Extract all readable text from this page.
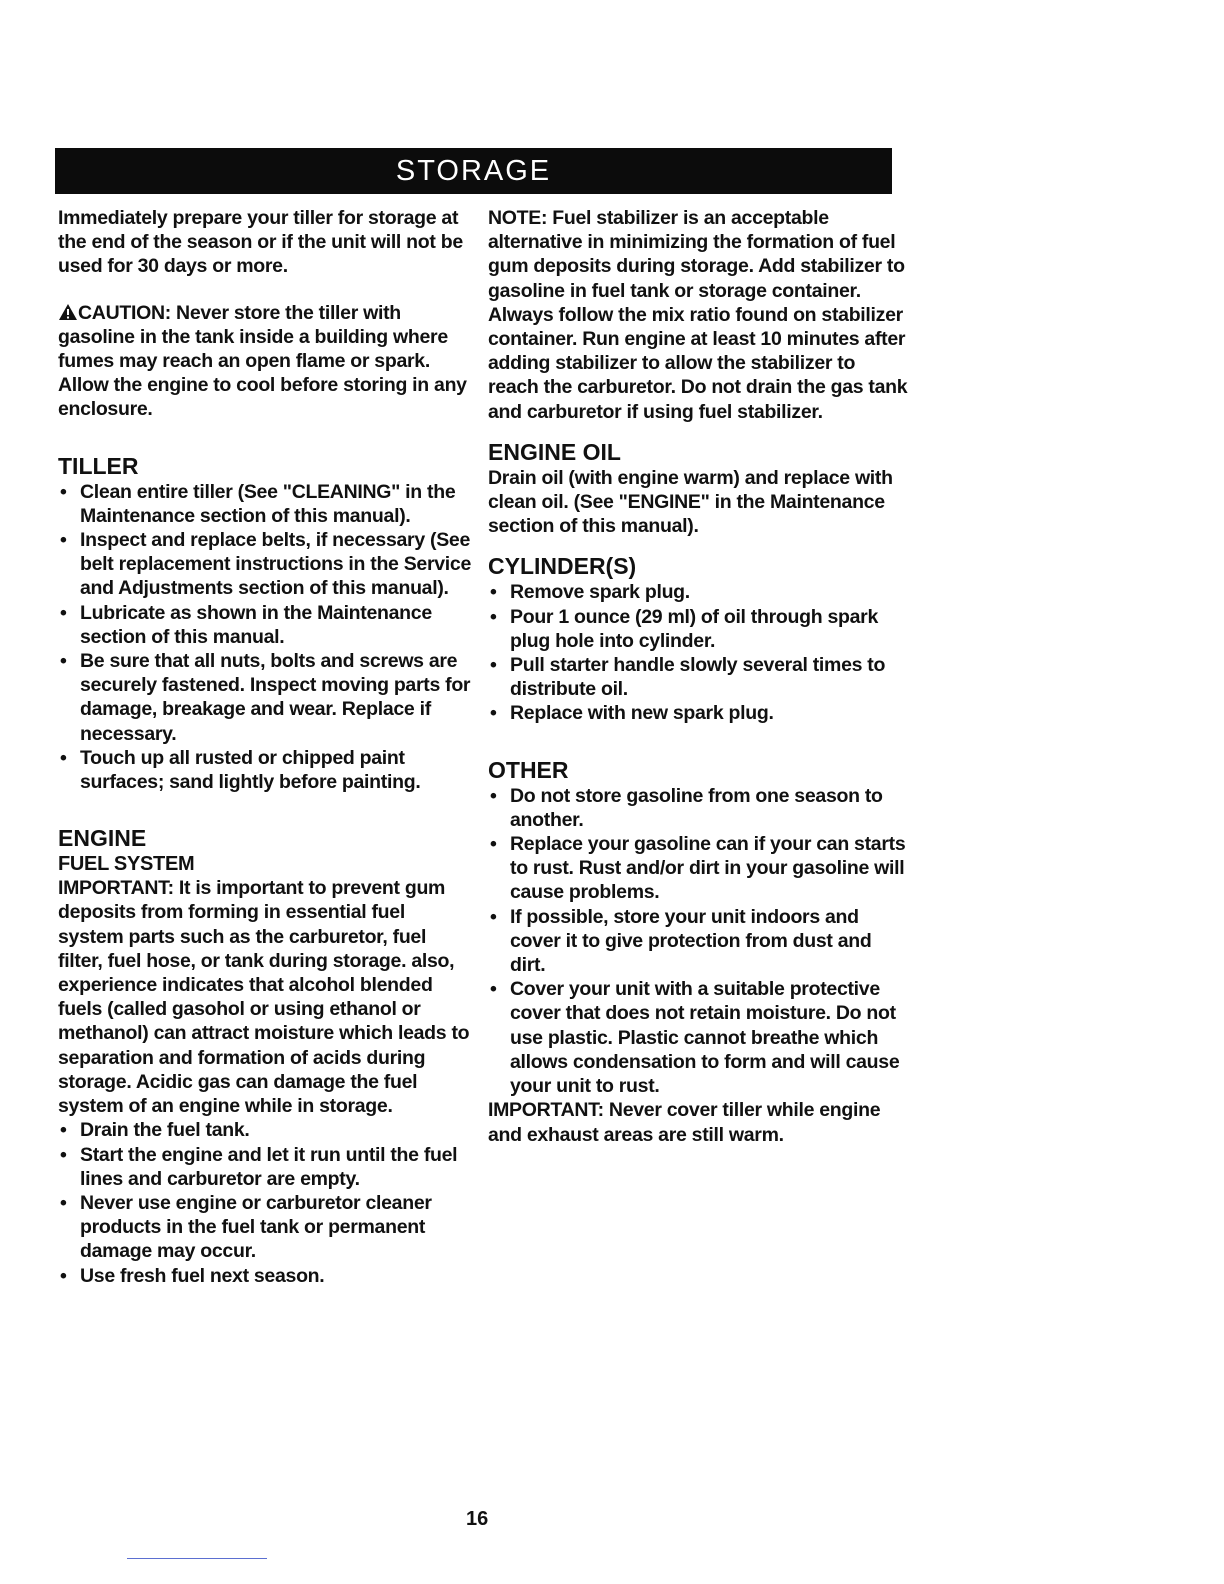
STORAGE

Immediately prepare your tiller for storage at the end of the season or if the unit will not be used for 30 days or more.

CAUTION: Never store the tiller with gasoline in the tank inside a building where fumes may reach an open flame or spark. Allow the engine to cool before storing in any enclosure.

TILLER
• Clean entire tiller (See "CLEANING" in the Maintenance section of this manual).
• Inspect and replace belts, if necessary (See belt replacement instructions in the Service and Adjustments section of this manual).
• Lubricate as shown in the Maintenance section of this manual.
• Be sure that all nuts, bolts and screws are securely fastened. Inspect moving parts for damage, breakage and wear. Replace if necessary.
• Touch up all rusted or chipped paint surfaces; sand lightly before painting.
ENGINE
FUEL SYSTEM

IMPORTANT: It is important to prevent gum deposits from forming in essential fuel system parts such as the carburetor, fuel filter, fuel hose, or tank during storage. also, experience indicates that alcohol blended fuels (called gasohol or using ethanol or methanol) can attract moisture which leads to separation and formation of acids during storage. Acidic gas can damage the fuel system of an engine while in storage.

• Drain the fuel tank.
• Start the engine and let it run until the fuel lines and carburetor are empty.
• Never use engine or carburetor cleaner products in the fuel tank or permanent damage may occur.
• Use fresh fuel next season.

NOTE: Fuel stabilizer is an acceptable alternative in minimizing the formation of fuel gum deposits during storage. Add stabilizer to gasoline in fuel tank or storage container. Always follow the mix ratio found on stabilizer container. Run engine at least 10 minutes after adding stabilizer to allow the stabilizer to reach the carburetor. Do not drain the gas tank and carburetor if using fuel stabilizer.

ENGINE OIL

Drain oil (with engine warm) and replace with clean oil. (See "ENGINE" in the Maintenance section of this manual).

CYLINDER(S)
• Remove spark plug.
• Pour 1 ounce (29 ml) of oil through spark plug hole into cylinder.
• Pull starter handle slowly several times to distribute oil.
• Replace with new spark plug.
OTHER
• Do not store gasoline from one season to another.
• Replace your gasoline can if your can starts to rust. Rust and/or dirt in your gasoline will cause problems.
• If possible, store your unit indoors and cover it to give protection from dust and dirt.
• Cover your unit with a suitable protective cover that does not retain moisture. Do not use plastic. Plastic cannot breathe which allows condensation to form and will cause your unit to rust.

IMPORTANT: Never cover tiller while engine and exhaust areas are still warm.

16
